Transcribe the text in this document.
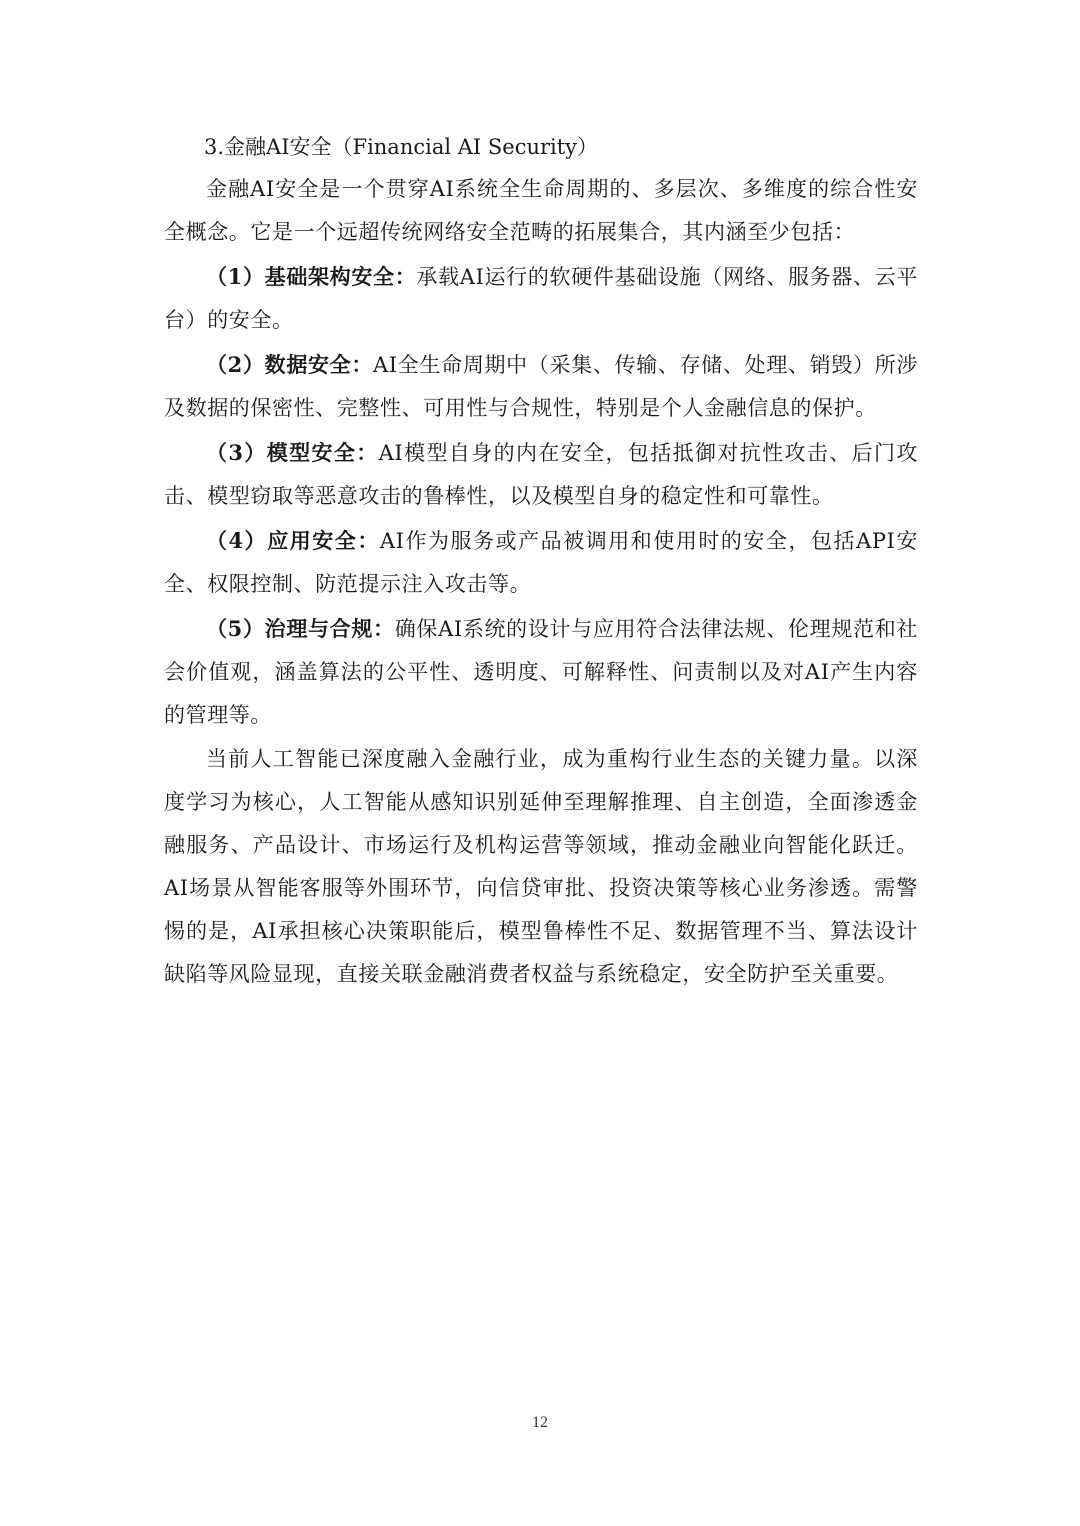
3.金融AI安全（Financial AI Security）

金融AI安全是一个贯穿AI系统全生命周期的、多层次、多维度的综合性安全概念。它是一个远超传统网络安全范畴的拓展集合，其内涵至少包括：

（1）基础架构安全：承载AI运行的软硬件基础设施（网络、服务器、云平台）的安全。

（2）数据安全：AI全生命周期中（采集、传输、存储、处理、销毁）所涉及数据的保密性、完整性、可用性与合规性，特别是个人金融信息的保护。

（3）模型安全：AI模型自身的内在安全，包括抵御对抗性攻击、后门攻击、模型窃取等恶意攻击的鲁棒性，以及模型自身的稳定性和可靠性。

（4）应用安全：AI作为服务或产品被调用和使用时的安全，包括API安全、权限控制、防范提示注入攻击等。

（5）治理与合规：确保AI系统的设计与应用符合法律法规、伦理规范和社会价值观，涵盖算法的公平性、透明度、可解释性、问责制以及对AI产生内容的管理等。

当前人工智能已深度融入金融行业，成为重构行业生态的关键力量。以深度学习为核心，人工智能从感知识别延伸至理解推理、自主创造，全面渗透金融服务、产品设计、市场运行及机构运营等领域，推动金融业向智能化跃迁。AI场景从智能客服等外围环节，向信贷审批、投资决策等核心业务渗透。需警惕的是，AI承担核心决策职能后，模型鲁棒性不足、数据管理不当、算法设计缺陷等风险显现，直接关联金融消费者权益与系统稳定，安全防护至关重要。

12
